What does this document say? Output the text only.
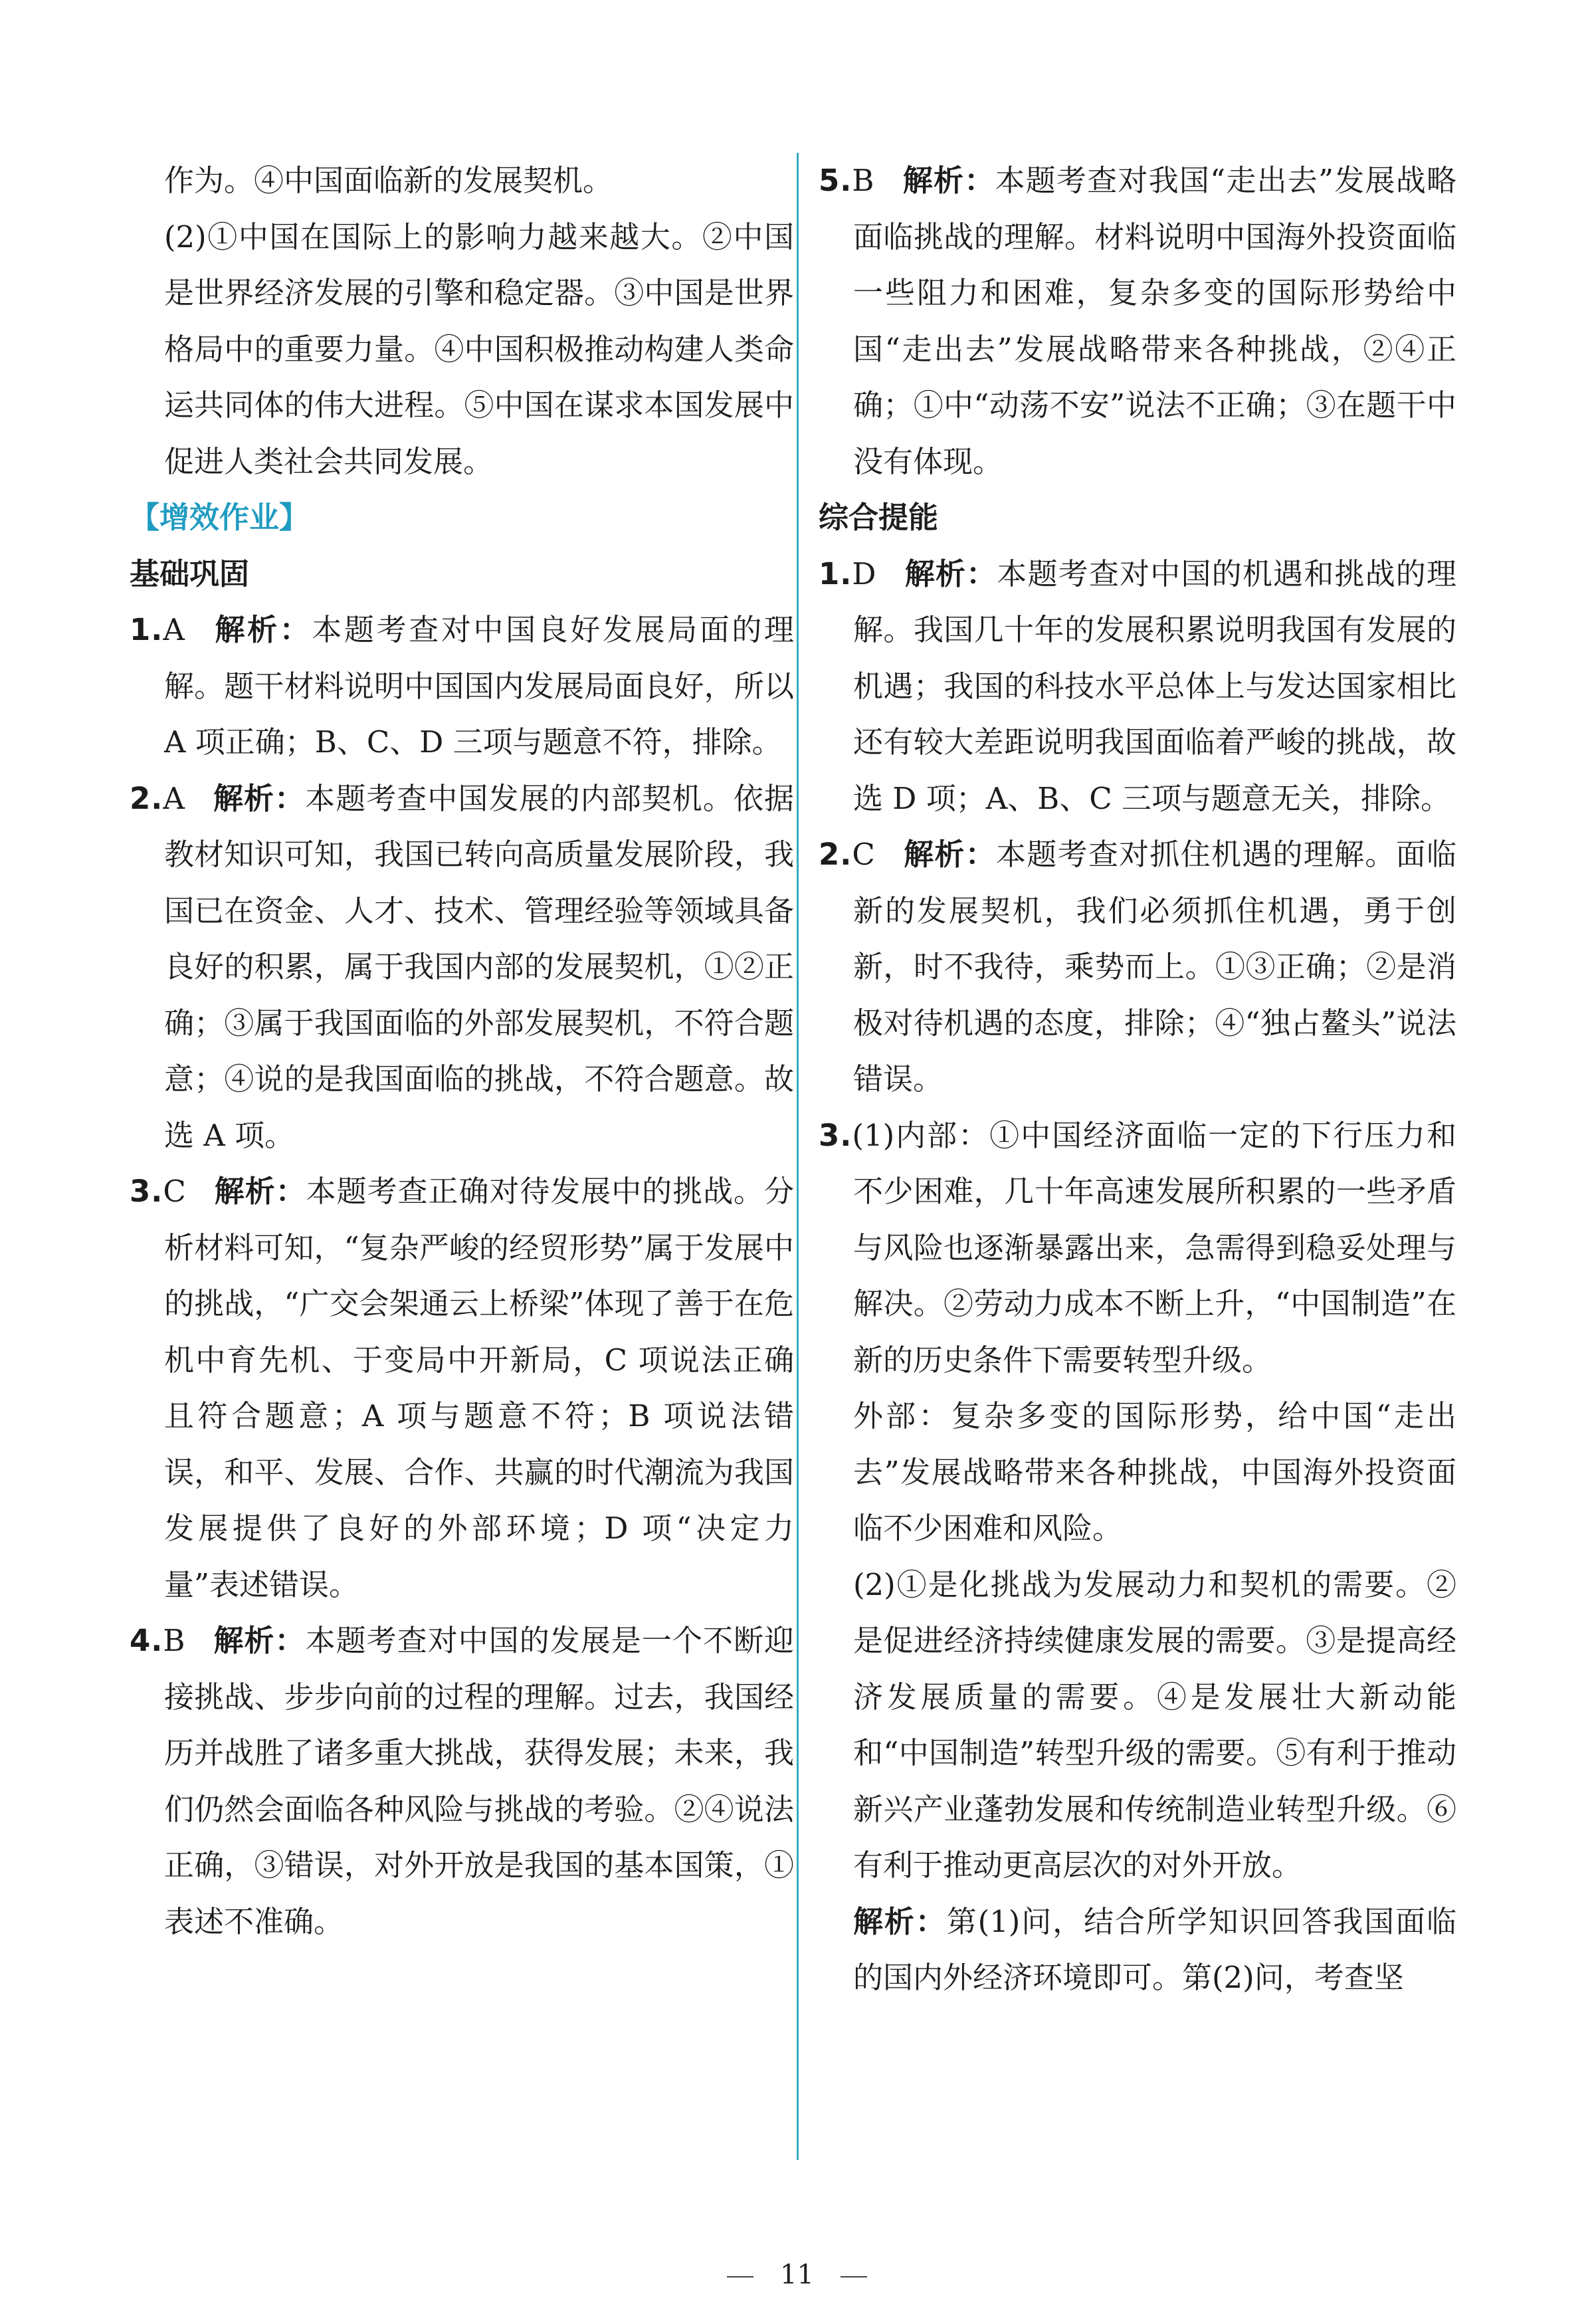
作为。④中国面临新的发展契机。

(2)①中国在国际上的影响力越来越大。②中国是世界经济发展的引擎和稳定器。③中国是世界格局中的重要力量。④中国积极推动构建人类命运共同体的伟大进程。⑤中国在谋求本国发展中促进人类社会共同发展。

【增效作业】

基础巩固

1.A 解析：本题考查对中国良好发展局面的理解。题干材料说明中国国内发展局面良好，所以 A 项正确；B、C、D 三项与题意不符，排除。

2.A 解析：本题考查中国发展的内部契机。依据教材知识可知，我国已转向高质量发展阶段，我国已在资金、人才、技术、管理经验等领域具备良好的积累，属于我国内部的发展契机，①②正确；③属于我国面临的外部发展契机，不符合题意；④说的是我国面临的挑战，不符合题意。故选 A 项。

3.C 解析：本题考查正确对待发展中的挑战。分析材料可知，“复杂严峻的经贸形势”属于发展中的挑战，“广交会架通云上桥梁”体现了善于在危机中育先机、于变局中开新局，C 项说法正确且符合题意；A 项与题意不符；B 项说法错误，和平、发展、合作、共赢的时代潮流为我国发展提供了良好的外部环境；D 项“决定力量”表述错误。

4.B 解析：本题考查对中国的发展是一个不断迎接挑战、步步向前的过程的理解。过去，我国经历并战胜了诸多重大挑战，获得发展；未来，我们仍然会面临各种风险与挑战的考验。②④说法正确，③错误，对外开放是我国的基本国策，①表述不准确。

5.B 解析：本题考查对我国“走出去”发展战略面临挑战的理解。材料说明中国海外投资面临一些阻力和困难，复杂多变的国际形势给中国“走出去”发展战略带来各种挑战，②④正确；①中“动荡不安”说法不正确；③在题干中没有体现。

综合提能

1.D 解析：本题考查对中国的机遇和挑战的理解。我国几十年的发展积累说明我国有发展的机遇；我国的科技水平总体上与发达国家相比还有较大差距说明我国面临着严峻的挑战，故选 D 项；A、B、C 三项与题意无关，排除。

2.C 解析：本题考查对抓住机遇的理解。面临新的发展契机，我们必须抓住机遇，勇于创新，时不我待，乘势而上。①③正确；②是消极对待机遇的态度，排除；④“独占鳌头”说法错误。

3.(1)内部：①中国经济面临一定的下行压力和不少困难，几十年高速发展所积累的一些矛盾与风险也逐渐暴露出来，急需得到稳妥处理与解决。②劳动力成本不断上升，“中国制造”在新的历史条件下需要转型升级。

外部：复杂多变的国际形势，给中国“走出去”发展战略带来各种挑战，中国海外投资面临不少困难和风险。

(2)①是化挑战为发展动力和契机的需要。②是促进经济持续健康发展的需要。③是提高经济发展质量的需要。④是发展壮大新动能和“中国制造”转型升级的需要。⑤有利于推动新兴产业蓬勃发展和传统制造业转型升级。⑥有利于推动更高层次的对外开放。

解析：第(1)问，结合所学知识回答我国面临的国内外经济环境即可。第(2)问，考查坚

11
